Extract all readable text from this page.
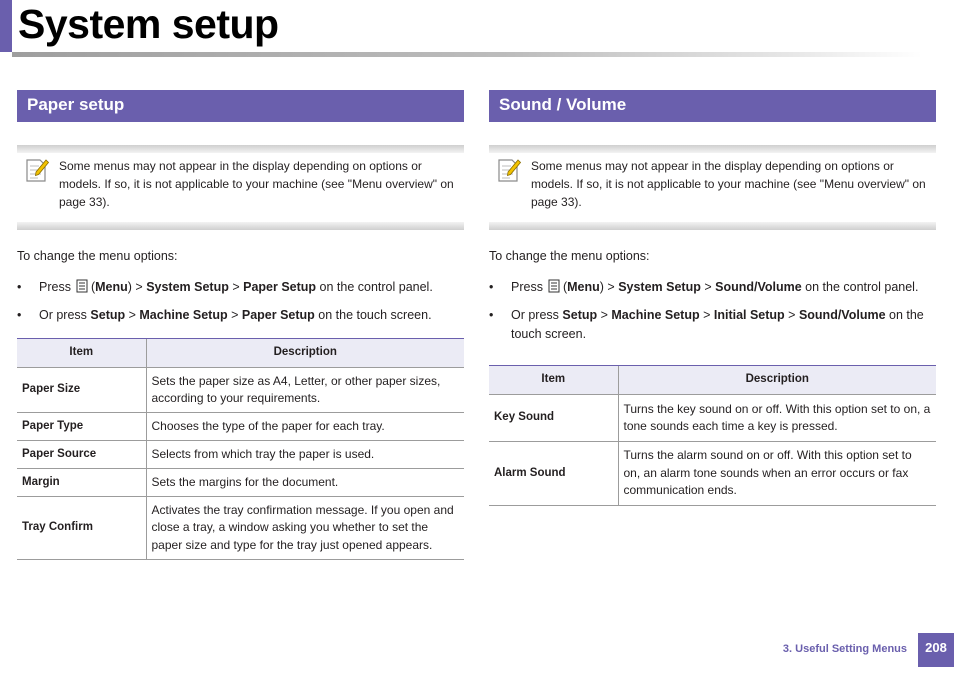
System setup
Paper setup
Some menus may not appear in the display depending on options or models. If so, it is not applicable to your machine (see "Menu overview" on page 33).

To change the menu options:

• Press (Menu) > System Setup > Paper Setup on the control panel.
• Or press Setup > Machine Setup > Paper Setup on the touch screen.
Item	Description
Paper Size	Sets the paper size as A4, Letter, or other paper sizes, according to your requirements.
Paper Type	Chooses the type of the paper for each tray.
Paper Source	Selects from which tray the paper is used.
Margin	Sets the margins for the document.
Tray Confirm	Activates the tray confirmation message. If you open and close a tray, a window asking you whether to set the paper size and type for the tray just opened appears.
Sound / Volume
Some menus may not appear in the display depending on options or models. If so, it is not applicable to your machine (see "Menu overview" on page 33).

To change the menu options:

• Press (Menu) > System Setup > Sound/Volume on the control panel.
• Or press Setup > Machine Setup > Initial Setup > Sound/Volume on the touch screen.
Item	Description
Key Sound	Turns the key sound on or off. With this option set to on, a tone sounds each time a key is pressed.
Alarm Sound	Turns the alarm sound on or off. With this option set to on, an alarm tone sounds when an error occurs or fax communication ends.
3. Useful Setting Menus	208
